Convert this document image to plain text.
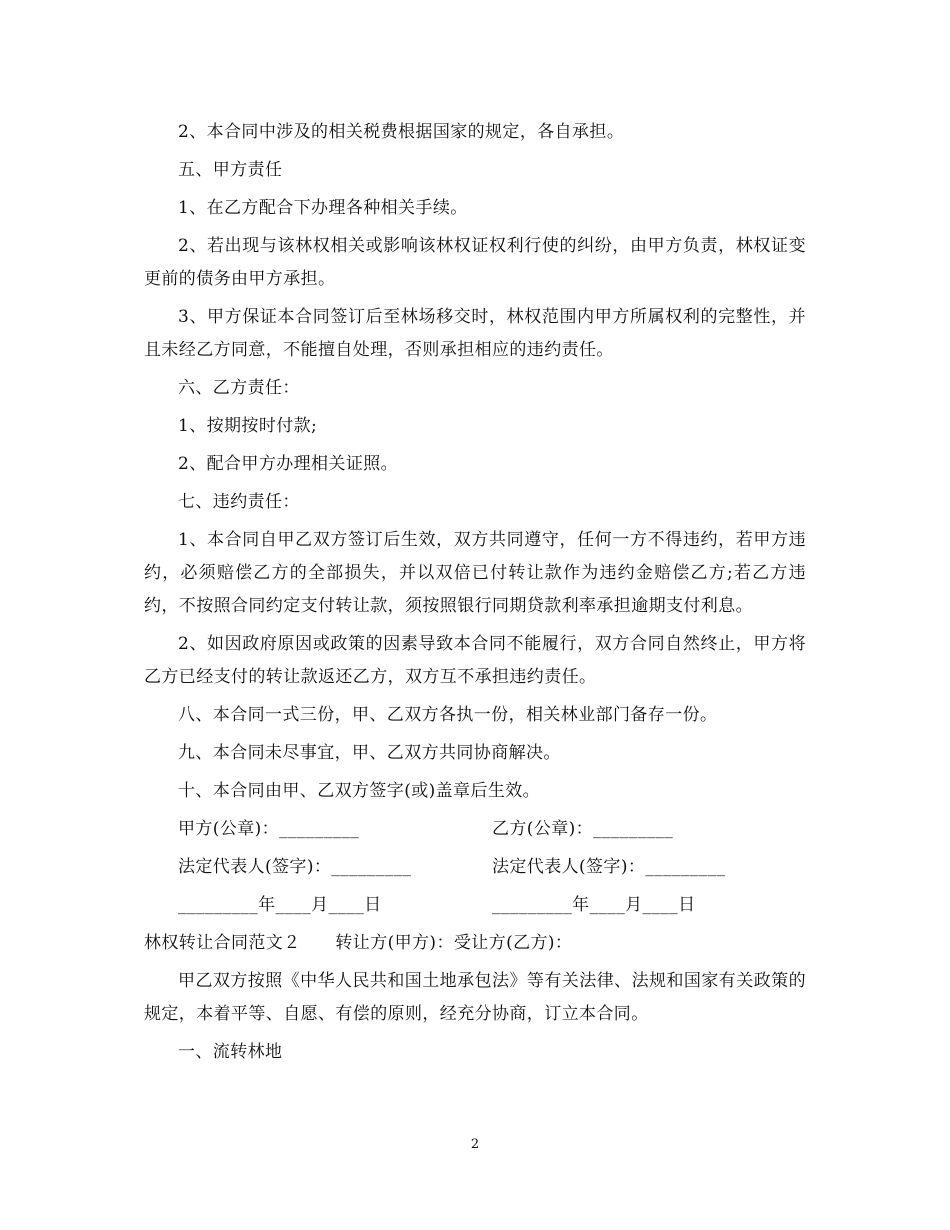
2、本合同中涉及的相关税费根据国家的规定，各自承担。

五、甲方责任

1、在乙方配合下办理各种相关手续。

2、若出现与该林权相关或影响该林权证权利行使的纠纷，由甲方负责，林权证变更前的债务由甲方承担。

3、甲方保证本合同签订后至林场移交时，林权范围内甲方所属权利的完整性，并且未经乙方同意，不能擅自处理，否则承担相应的违约责任。

六、乙方责任：

1、按期按时付款;

2、配合甲方办理相关证照。

七、违约责任：

1、本合同自甲乙双方签订后生效，双方共同遵守，任何一方不得违约，若甲方违约，必须赔偿乙方的全部损失，并以双倍已付转让款作为违约金赔偿乙方;若乙方违约，不按照合同约定支付转让款，须按照银行同期贷款利率承担逾期支付利息。

2、如因政府原因或政策的因素导致本合同不能履行，双方合同自然终止，甲方将乙方已经支付的转让款返还乙方，双方互不承担违约责任。

八、本合同一式三份，甲、乙双方各执一份，相关林业部门备存一份。

九、本合同未尽事宜，甲、乙双方共同协商解决。

十、本合同由甲、乙双方签字(或)盖章后生效。

甲方(公章)：_________	乙方(公章)：_________
法定代表人(签字)：_________	法定代表人(签字)：_________
_________年____月____日	_________年____月____日

林权转让合同范文２　　转让方(甲方)：受让方(乙方)：

甲乙双方按照《中华人民共和国土地承包法》等有关法律、法规和国家有关政策的规定，本着平等、自愿、有偿的原则，经充分协商，订立本合同。

一、流转林地

2
